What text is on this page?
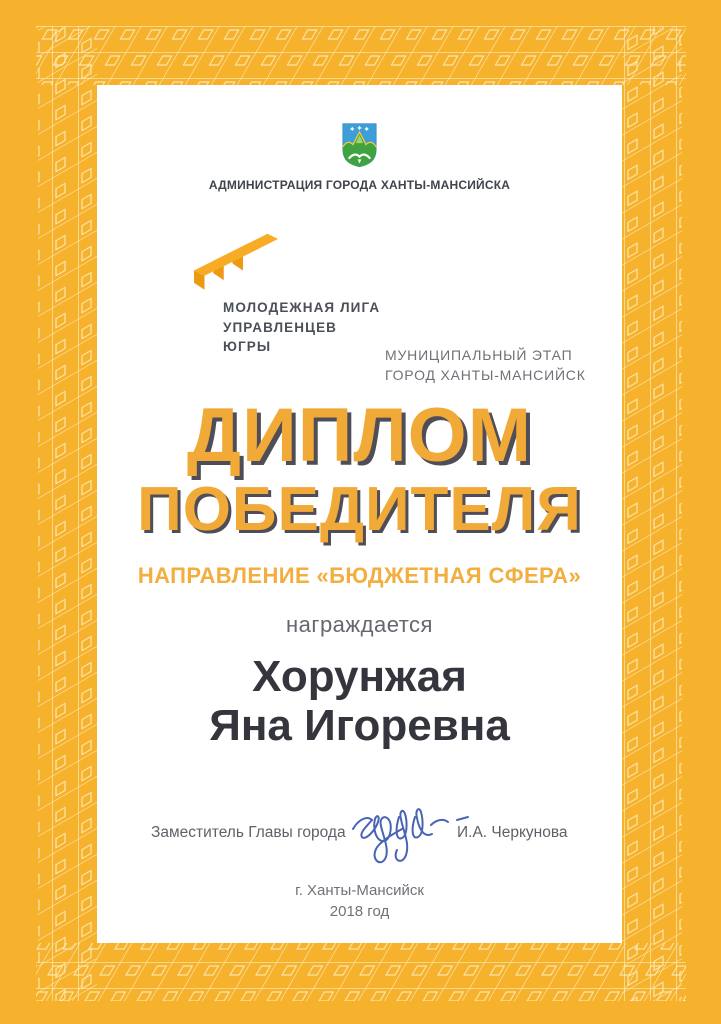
АДМИНИСТРАЦИЯ ГОРОДА ХАНТЫ-МАНСИЙСКА
МОЛОДЕЖНАЯ ЛИГА
УПРАВЛЕНЦЕВ
ЮГРЫ
МУНИЦИПАЛЬНЫЙ ЭТАП
ГОРОД ХАНТЫ-МАНСИЙСК
ДИПЛОМ
ПОБЕДИТЕЛЯ
НАПРАВЛЕНИЕ «БЮДЖЕТНАЯ СФЕРА»
награждается
Хорунжая
Яна Игоревна
Заместитель Главы города	И.А. Черкунова
г. Ханты-Мансийск
2018 год
